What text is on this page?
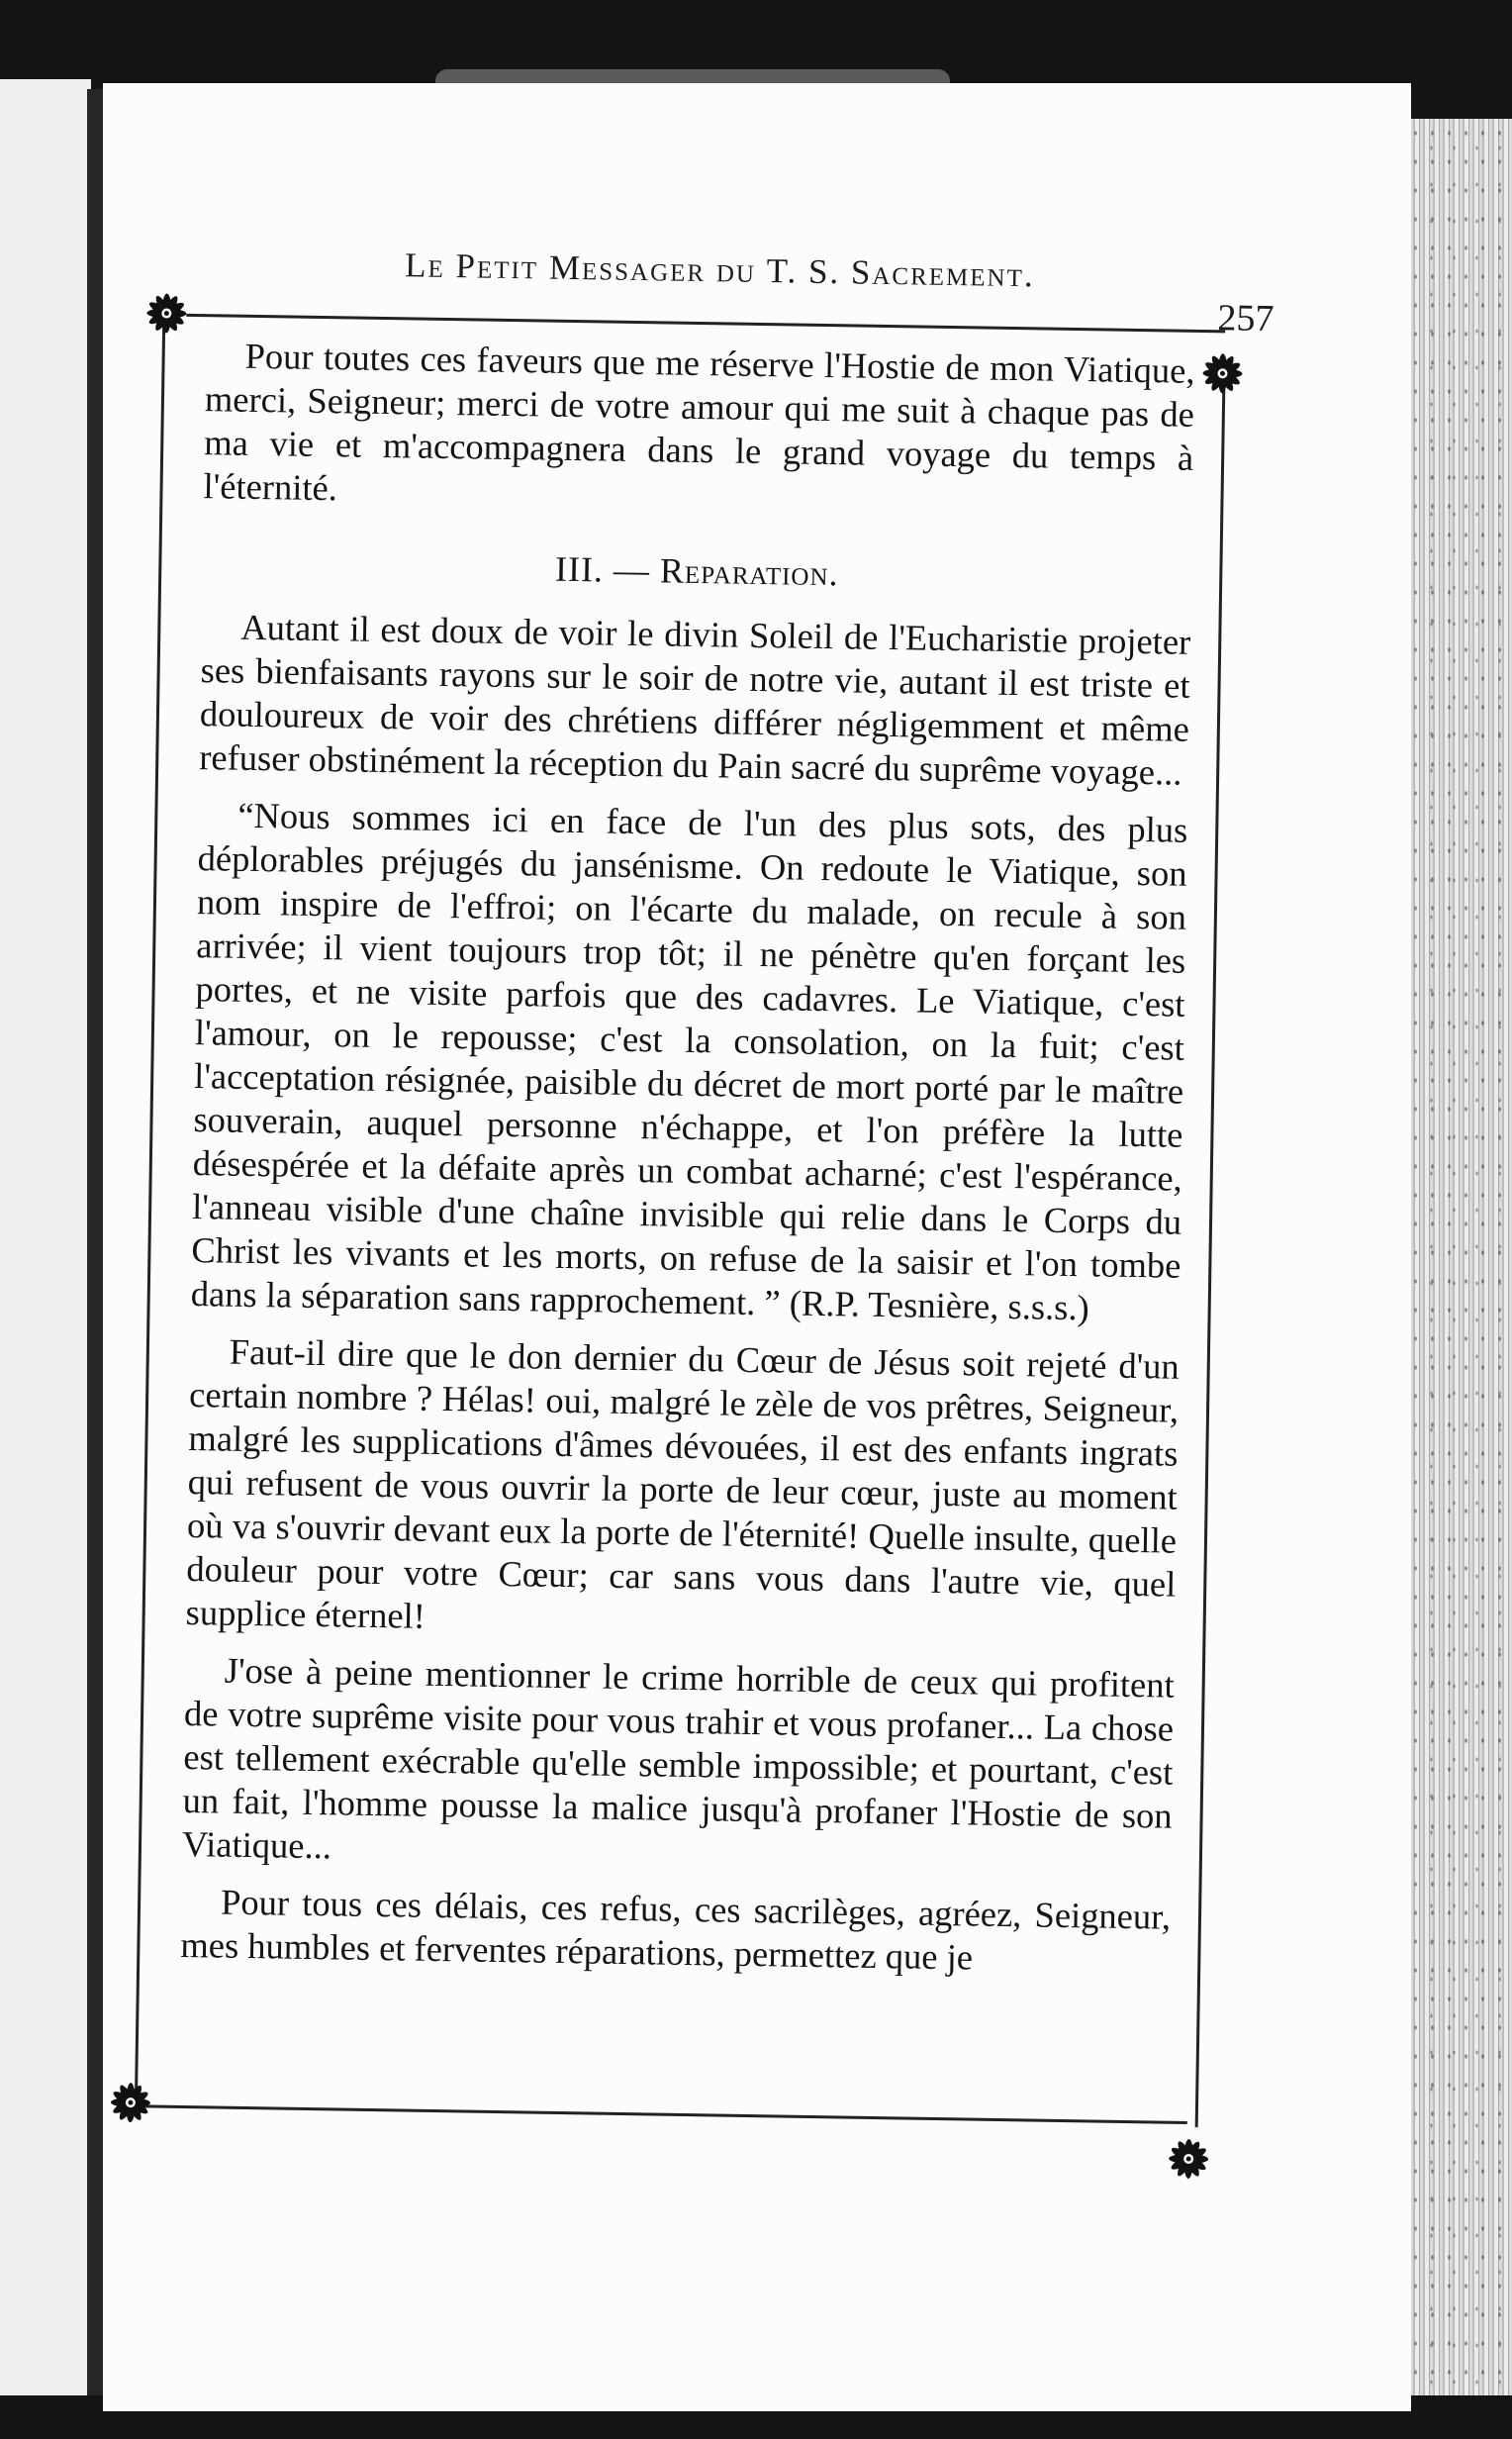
Le Petit Messager du T. S. Sacrement.
257

Pour toutes ces faveurs que me réserve l'Hostie de mon Viatique, merci, Seigneur; merci de votre amour qui me suit à chaque pas de ma vie et m'accompagnera dans le grand voyage du temps à l'éternité.

III. — Reparation.

Autant il est doux de voir le divin Soleil de l'Eucharistie projeter ses bienfaisants rayons sur le soir de notre vie, autant il est triste et douloureux de voir des chrétiens différer négligemment et même refuser obstinément la réception du Pain sacré du suprême voyage...

“Nous sommes ici en face de l'un des plus sots, des plus déplorables préjugés du jansénisme. On redoute le Viatique, son nom inspire de l'effroi; on l'écarte du malade, on recule à son arrivée; il vient toujours trop tôt; il ne pénètre qu'en forçant les portes, et ne visite parfois que des cadavres. Le Viatique, c'est l'amour, on le repousse; c'est la consolation, on la fuit; c'est l'acceptation résignée, paisible du décret de mort porté par le maître souverain, auquel personne n'échappe, et l'on préfère la lutte désespérée et la défaite après un combat acharné; c'est l'espérance, l'anneau visible d'une chaîne invisible qui relie dans le Corps du Christ les vivants et les morts, on refuse de la saisir et l'on tombe dans la séparation sans rapprochement. ” (R.P. Tesnière, s.s.s.)

Faut-il dire que le don dernier du Cœur de Jésus soit rejeté d'un certain nombre ? Hélas! oui, malgré le zèle de vos prêtres, Seigneur, malgré les supplications d'âmes dévouées, il est des enfants ingrats qui refusent de vous ouvrir la porte de leur cœur, juste au moment où va s'ouvrir devant eux la porte de l'éternité! Quelle insulte, quelle douleur pour votre Cœur; car sans vous dans l'autre vie, quel supplice éternel!

J'ose à peine mentionner le crime horrible de ceux qui profitent de votre suprême visite pour vous trahir et vous profaner... La chose est tellement exécrable qu'elle semble impossible; et pourtant, c'est un fait, l'homme pousse la malice jusqu'à profaner l'Hostie de son Viatique...

Pour tous ces délais, ces refus, ces sacrilèges, agréez, Seigneur, mes humbles et ferventes réparations, permettez que je
